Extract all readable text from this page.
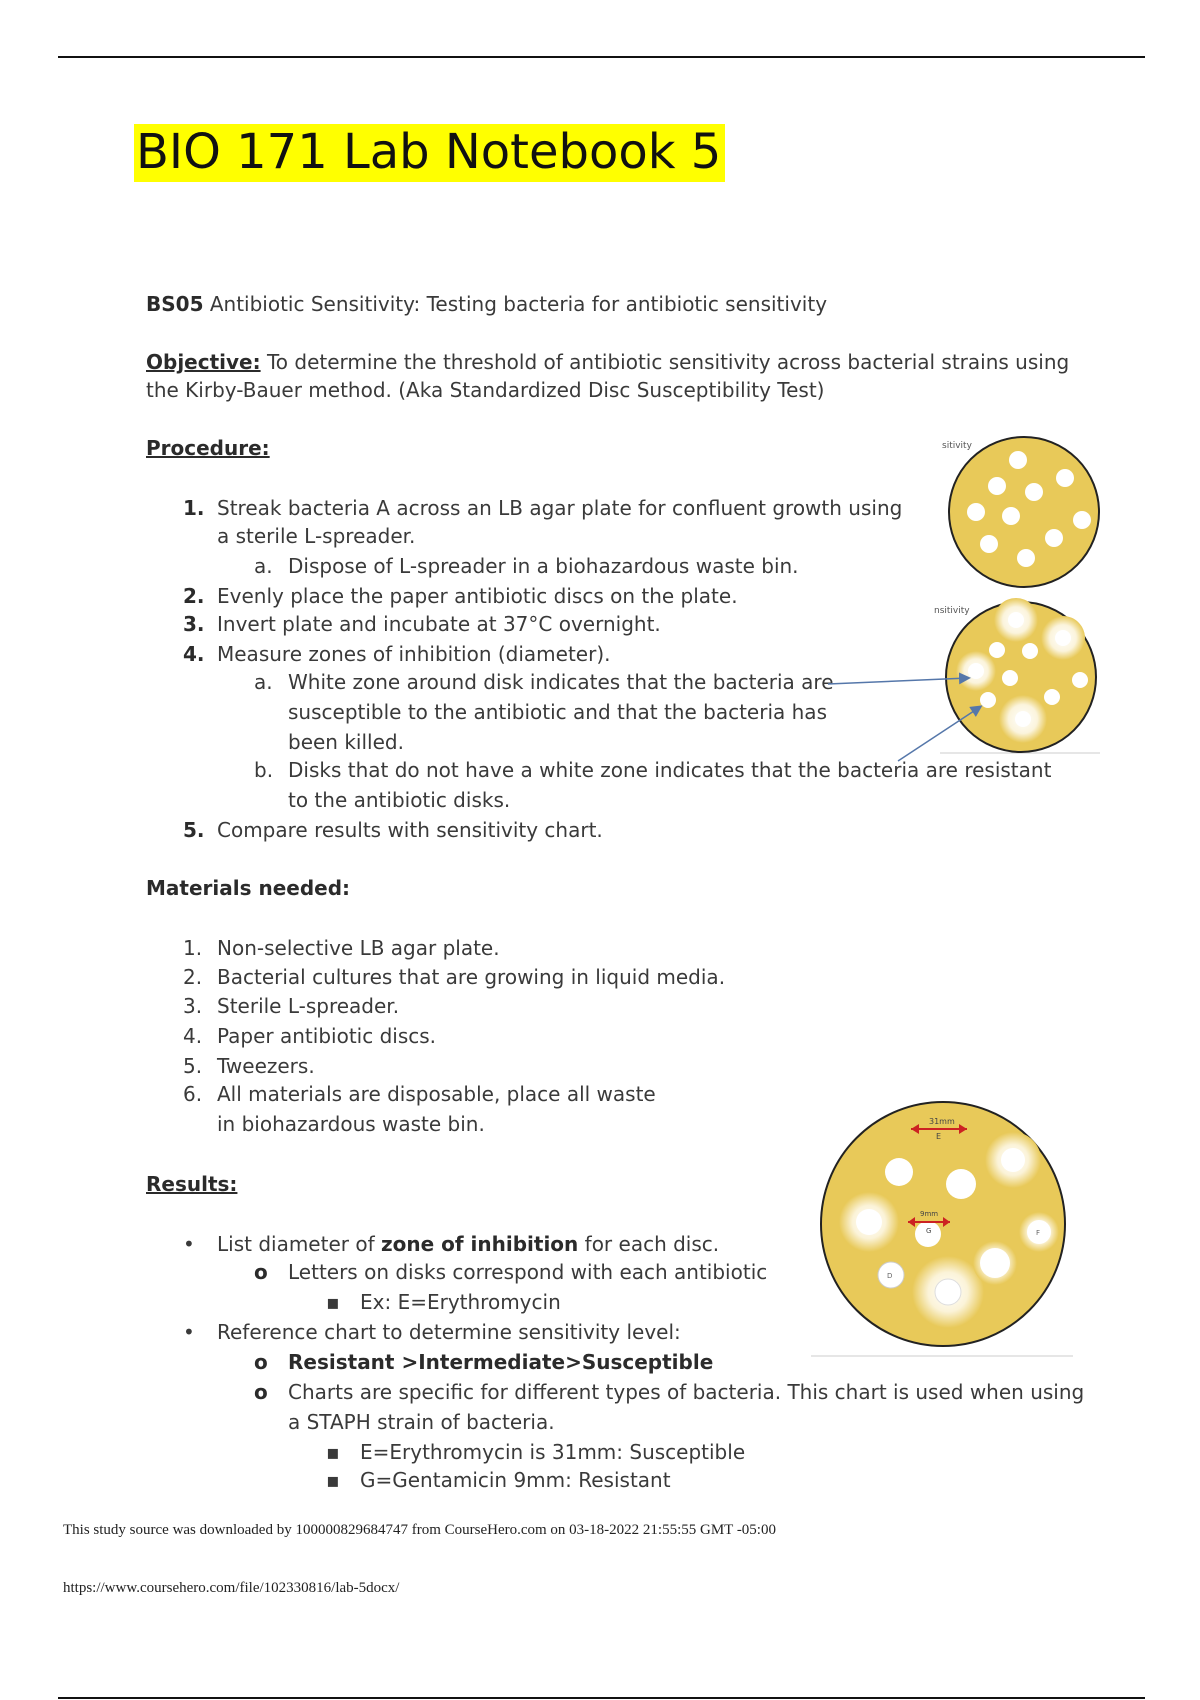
BIO 171 Lab Notebook 5
BS05 Antibiotic Sensitivity: Testing bacteria for antibiotic sensitivity
Objective: To determine the threshold of antibiotic sensitivity across bacterial strains using
the Kirby-Bauer method. (Aka Standardized Disc Susceptibility Test)
Procedure:
1. Streak bacteria A across an LB agar plate for confluent growth using
a sterile L-spreader.
a. Dispose of L-spreader in a biohazardous waste bin.
2. Evenly place the paper antibiotic discs on the plate.
3. Invert plate and incubate at 37°C overnight.
4. Measure zones of inhibition (diameter).
a. White zone around disk indicates that the bacteria are
susceptible to the antibiotic and that the bacteria has
been killed.
b. Disks that do not have a white zone indicates that the bacteria are resistant
to the antibiotic disks.
5. Compare results with sensitivity chart.
Materials needed:
1. Non-selective LB agar plate.
2. Bacterial cultures that are growing in liquid media.
3. Sterile L-spreader.
4. Paper antibiotic discs.
5. Tweezers.
6. All materials are disposable, place all waste
in biohazardous waste bin.
Results:
• List diameter of zone of inhibition for each disc.
o Letters on disks correspond with each antibiotic
▪ Ex: E=Erythromycin
• Reference chart to determine sensitivity level:
o Resistant >Intermediate>Susceptible
o Charts are specific for different types of bacteria. This chart is used when using
a STAPH strain of bacteria.
▪ E=Erythromycin is 31mm: Susceptible
▪ G=Gentamicin 9mm: Resistant
This study source was downloaded by 100000829684747 from CourseHero.com on 03-18-2022 21:55:55 GMT -05:00
https://www.coursehero.com/file/102330816/lab-5docx/
sitivity
nsitivity
31mm
E
9mm
G
D
F
